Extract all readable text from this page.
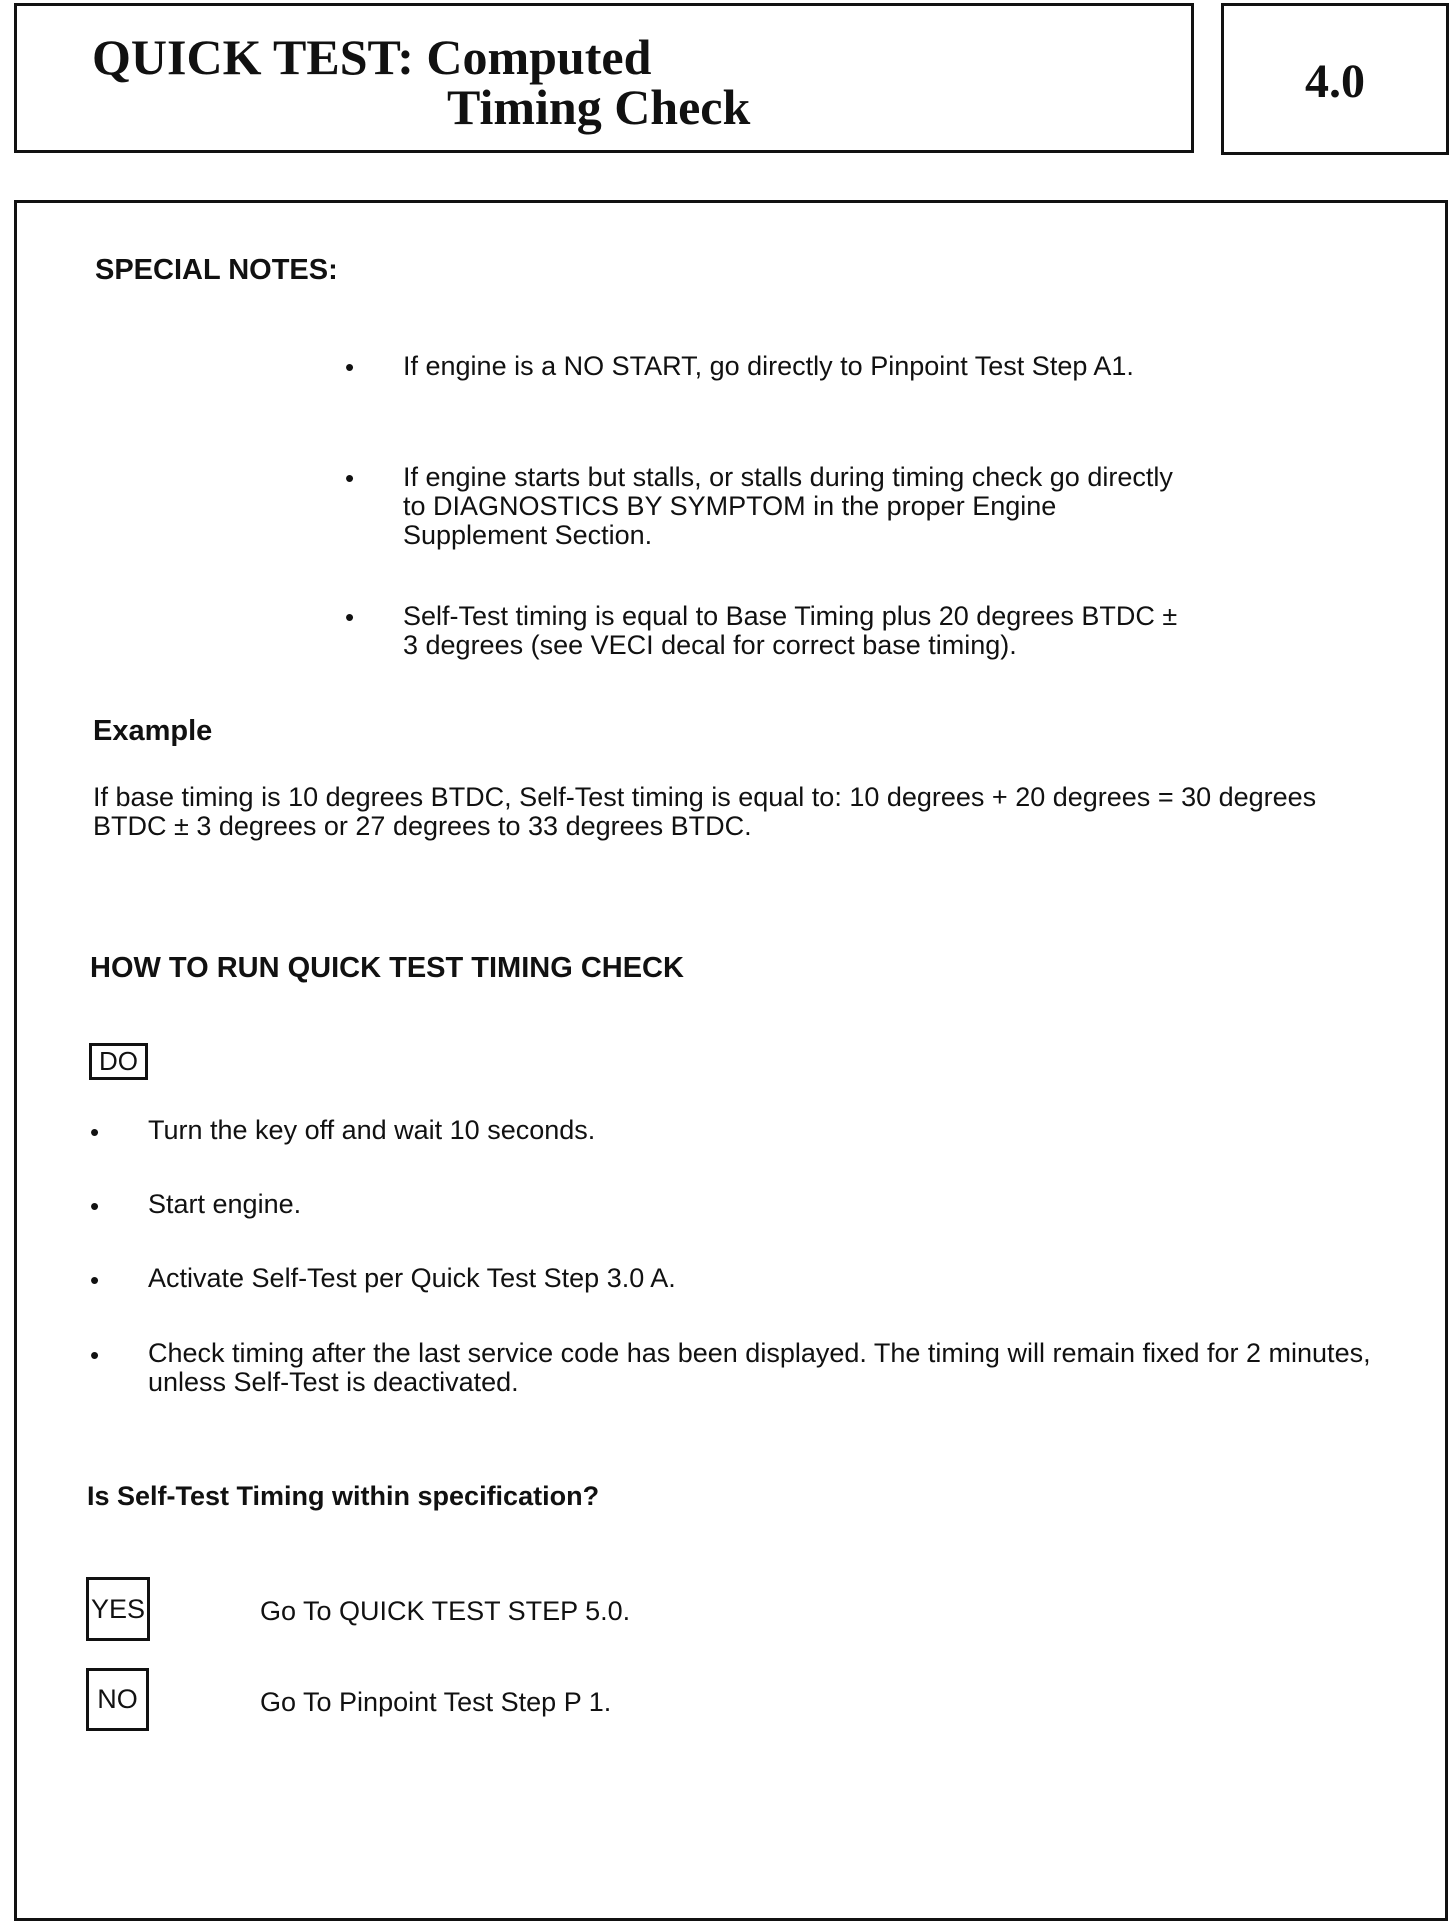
QUICK TEST: Computed
Timing Check	4.0
SPECIAL NOTES:
• If engine is a NO START, go directly to Pinpoint Test Step A1.
• If engine starts but stalls, or stalls during timing check go directly to DIAGNOSTICS BY SYMPTOM in the proper Engine Supplement Section.
• Self-Test timing is equal to Base Timing plus 20 degrees BTDC ± 3 degrees (see VECI decal for correct base timing).
Example
If base timing is 10 degrees BTDC, Self-Test timing is equal to: 10 degrees + 20 degrees = 30 degrees BTDC ± 3 degrees or 27 degrees to 33 degrees BTDC.
HOW TO RUN QUICK TEST TIMING CHECK
DO
• Turn the key off and wait 10 seconds.
• Start engine.
• Activate Self-Test per Quick Test Step 3.0 A.
• Check timing after the last service code has been displayed. The timing will remain fixed for 2 minutes, unless Self-Test is deactivated.
Is Self-Test Timing within specification?
YES	Go To QUICK TEST STEP 5.0.
NO	Go To Pinpoint Test Step P 1.
